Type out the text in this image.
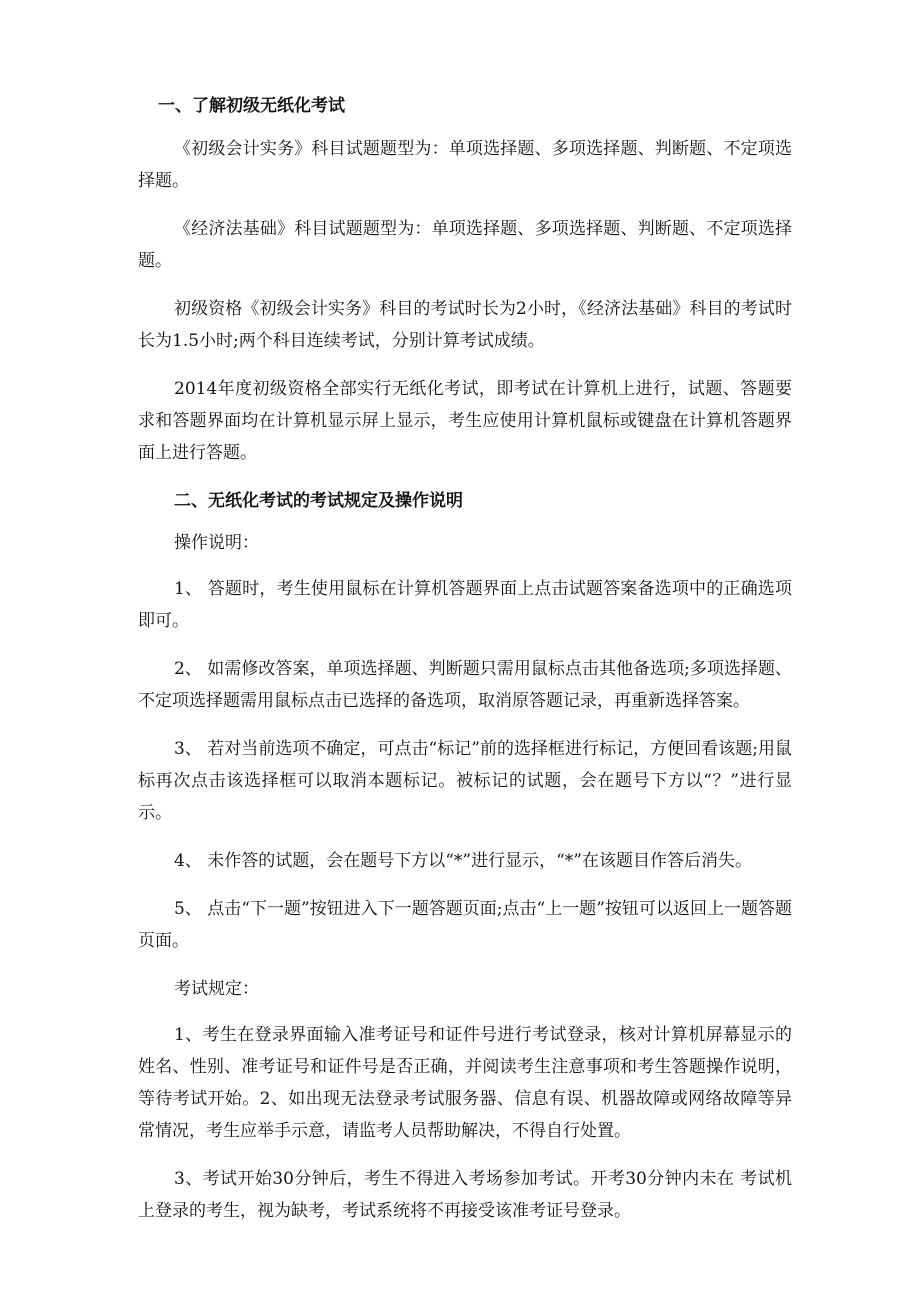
一、了解初级无纸化考试

《初级会计实务》科目试题题型为：单项选择题、多项选择题、判断题、不定项选择题。

《经济法基础》科目试题题型为：单项选择题、多项选择题、判断题、不定项选择题。

初级资格《初级会计实务》科目的考试时长为2小时，《经济法基础》科目的考试时长为1.5小时;两个科目连续考试，分别计算考试成绩。

2014年度初级资格全部实行无纸化考试，即考试在计算机上进行，试题、答题要求和答题界面均在计算机显示屏上显示，考生应使用计算机鼠标或键盘在计算机答题界面上进行答题。

二、无纸化考试的考试规定及操作说明

操作说明：

1、 答题时，考生使用鼠标在计算机答题界面上点击试题答案备选项中的正确选项即可。

2、 如需修改答案，单项选择题、判断题只需用鼠标点击其他备选项;多项选择题、不定项选择题需用鼠标点击已选择的备选项，取消原答题记录，再重新选择答案。

3、 若对当前选项不确定，可点击“标记”前的选择框进行标记，方便回看该题;用鼠标再次点击该选择框可以取消本题标记。被标记的试题，会在题号下方以“？”进行显示。

4、 未作答的试题，会在题号下方以“*”进行显示，“*”在该题目作答后消失。

5、 点击“下一题”按钮进入下一题答题页面;点击“上一题”按钮可以返回上一题答题页面。

考试规定：

1、考生在登录界面输入准考证号和证件号进行考试登录，核对计算机屏幕显示的姓名、性别、准考证号和证件号是否正确，并阅读考生注意事项和考生答题操作说明，等待考试开始。2、如出现无法登录考试服务器、信息有误、机器故障或网络故障等异常情况，考生应举手示意，请监考人员帮助解决，不得自行处置。

3、考试开始30分钟后，考生不得进入考场参加考试。开考30分钟内未在 考试机上登录的考生，视为缺考，考试系统将不再接受该准考证号登录。
